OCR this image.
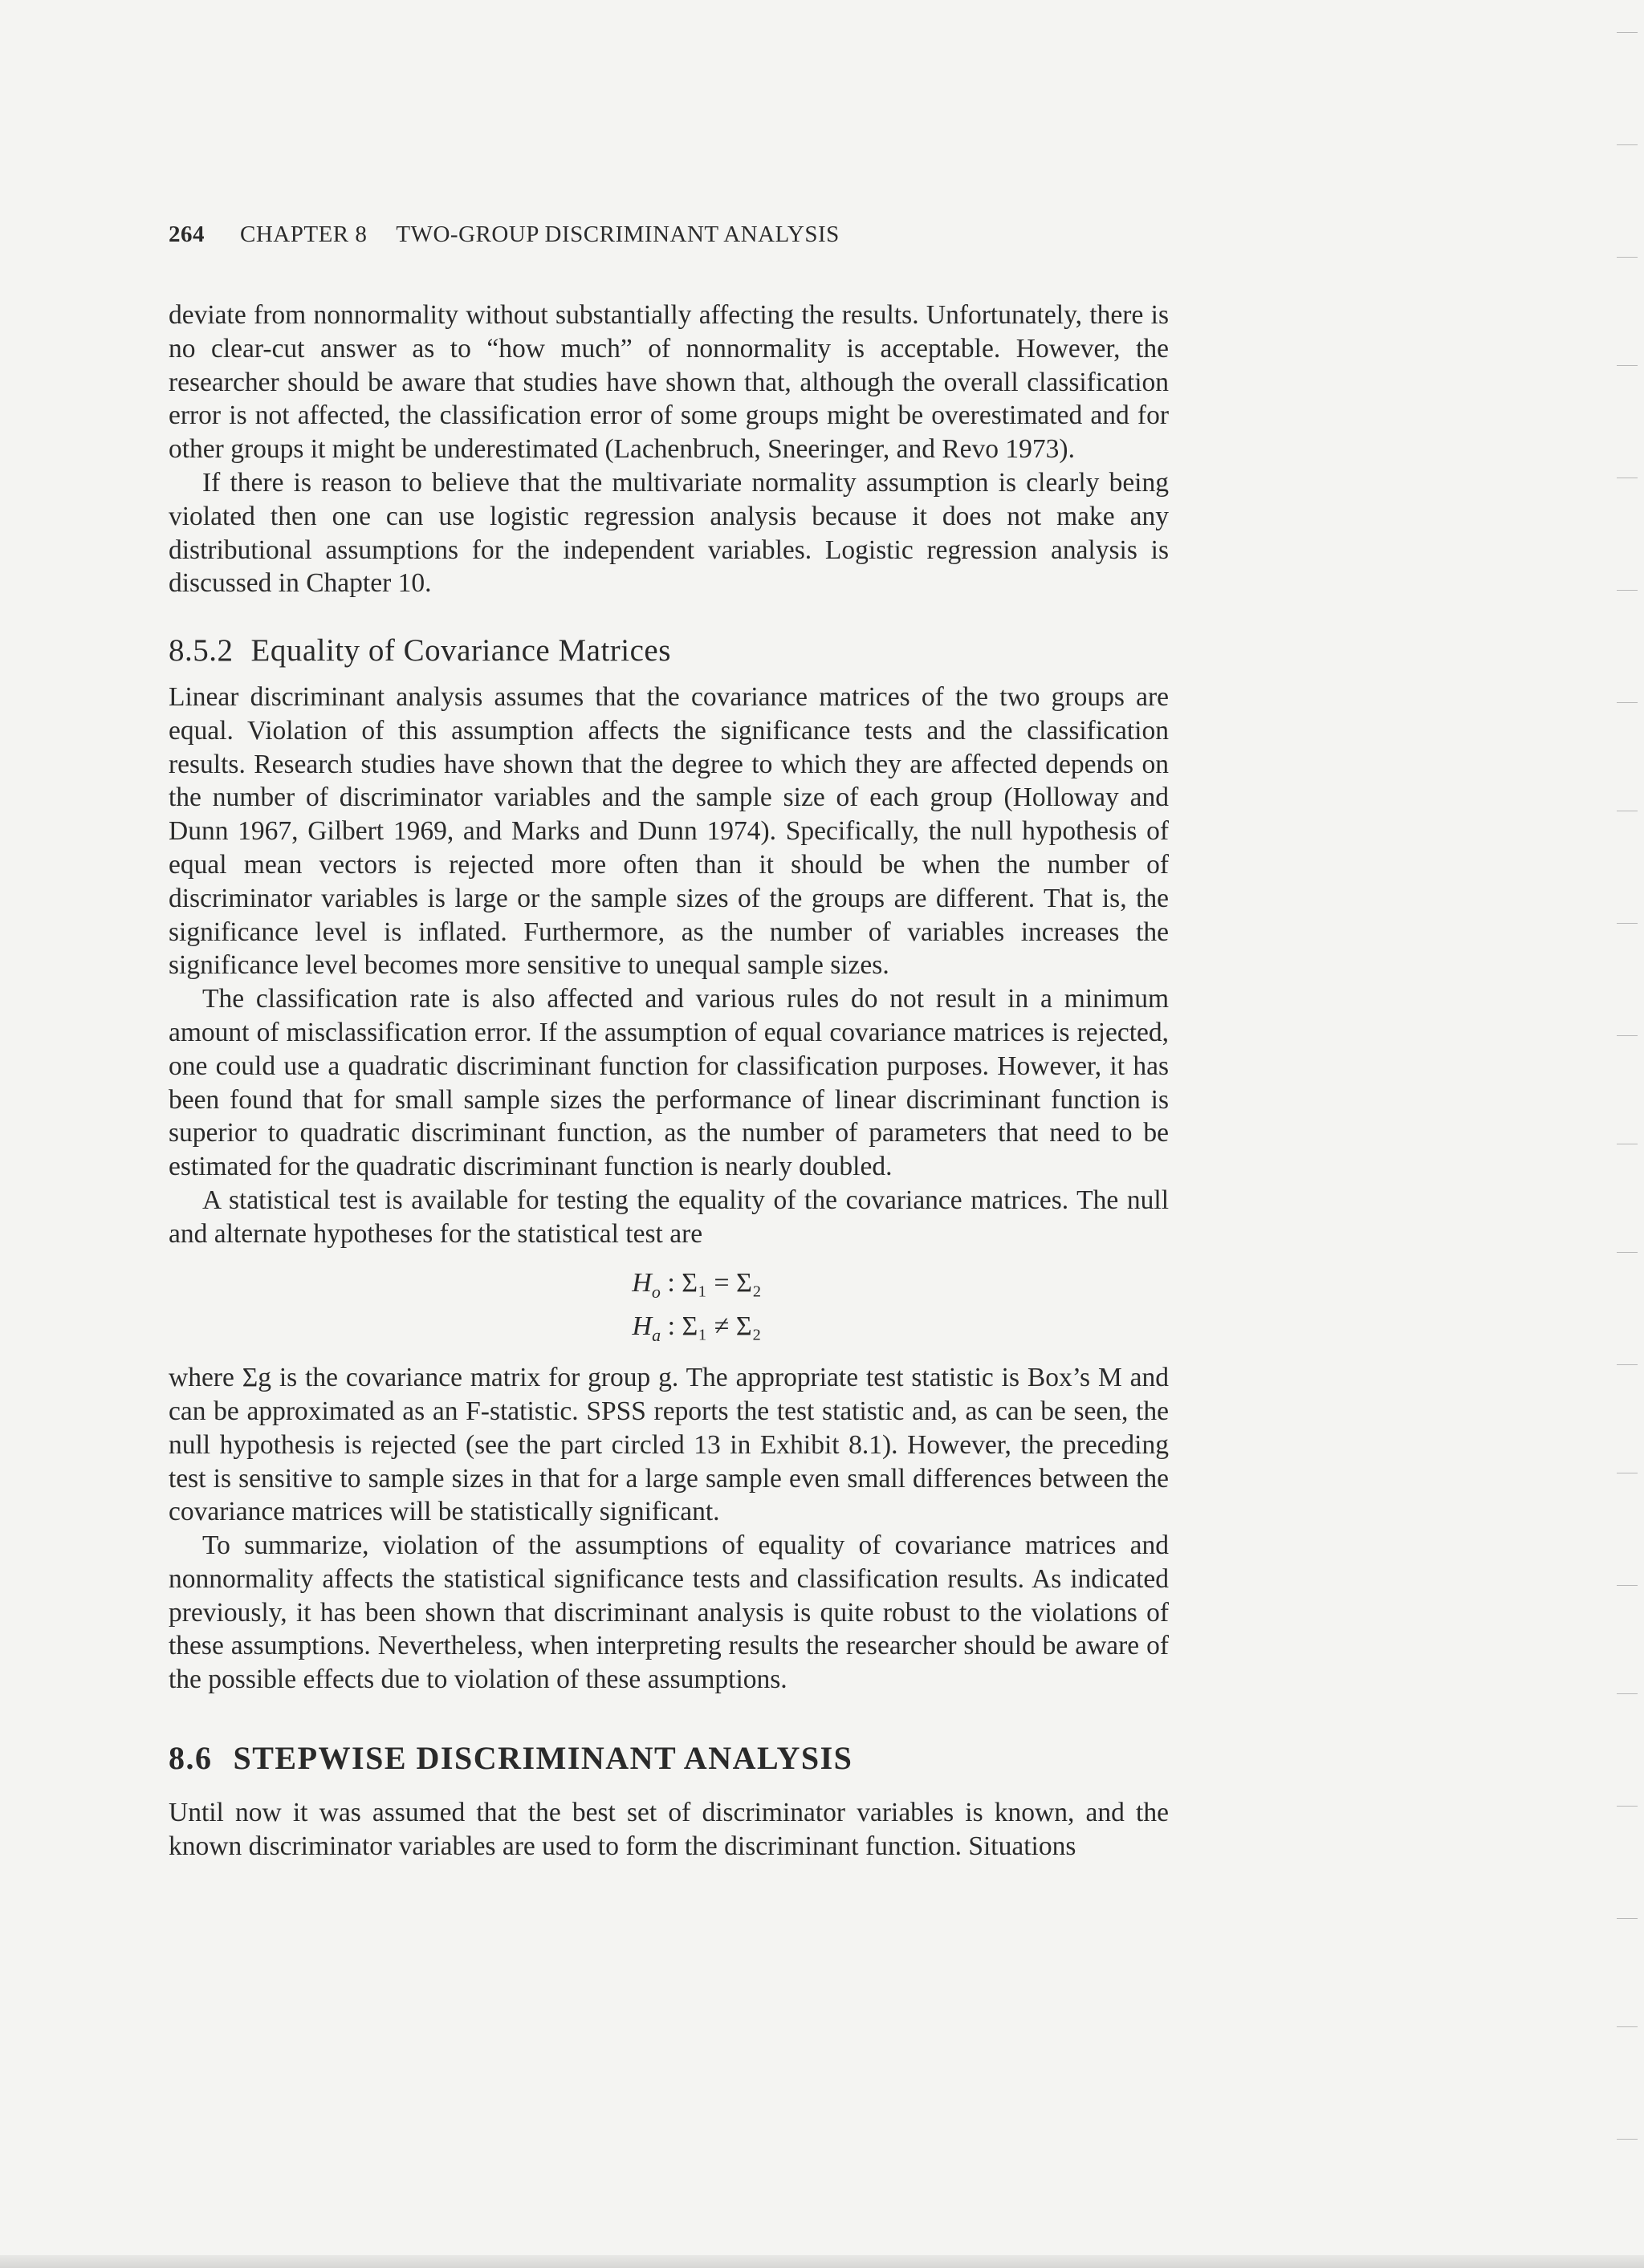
264 CHAPTER 8 TWO-GROUP DISCRIMINANT ANALYSIS

deviate from nonnormality without substantially affecting the results. Unfortunately, there is no clear-cut answer as to “how much” of nonnormality is acceptable. However, the researcher should be aware that studies have shown that, although the overall classification error is not affected, the classification error of some groups might be overestimated and for other groups it might be underestimated (Lachenbruch, Sneeringer, and Revo 1973).

If there is reason to believe that the multivariate normality assumption is clearly being violated then one can use logistic regression analysis because it does not make any distributional assumptions for the independent variables. Logistic regression analysis is discussed in Chapter 10.

8.5.2 Equality of Covariance Matrices

Linear discriminant analysis assumes that the covariance matrices of the two groups are equal. Violation of this assumption affects the significance tests and the classification results. Research studies have shown that the degree to which they are affected depends on the number of discriminator variables and the sample size of each group (Holloway and Dunn 1967, Gilbert 1969, and Marks and Dunn 1974). Specifically, the null hypothesis of equal mean vectors is rejected more often than it should be when the number of discriminator variables is large or the sample sizes of the groups are different. That is, the significance level is inflated. Furthermore, as the number of variables increases the significance level becomes more sensitive to unequal sample sizes.

The classification rate is also affected and various rules do not result in a minimum amount of misclassification error. If the assumption of equal covariance matrices is rejected, one could use a quadratic discriminant function for classification purposes. However, it has been found that for small sample sizes the performance of linear discriminant function is superior to quadratic discriminant function, as the number of parameters that need to be estimated for the quadratic discriminant function is nearly doubled.

A statistical test is available for testing the equality of the covariance matrices. The null and alternate hypotheses for the statistical test are

$H_o$ : Σ₁ = Σ₂
$H_a$ : Σ₁ ≠ Σ₂

where Σg is the covariance matrix for group g. The appropriate test statistic is Box’s M and can be approximated as an F-statistic. SPSS reports the test statistic and, as can be seen, the null hypothesis is rejected (see the part circled 13 in Exhibit 8.1). However, the preceding test is sensitive to sample sizes in that for a large sample even small differences between the covariance matrices will be statistically significant.

To summarize, violation of the assumptions of equality of covariance matrices and nonnormality affects the statistical significance tests and classification results. As indicated previously, it has been shown that discriminant analysis is quite robust to the violations of these assumptions. Nevertheless, when interpreting results the researcher should be aware of the possible effects due to violation of these assumptions.

8.6 STEPWISE DISCRIMINANT ANALYSIS

Until now it was assumed that the best set of discriminator variables is known, and the known discriminator variables are used to form the discriminant function. Situations
